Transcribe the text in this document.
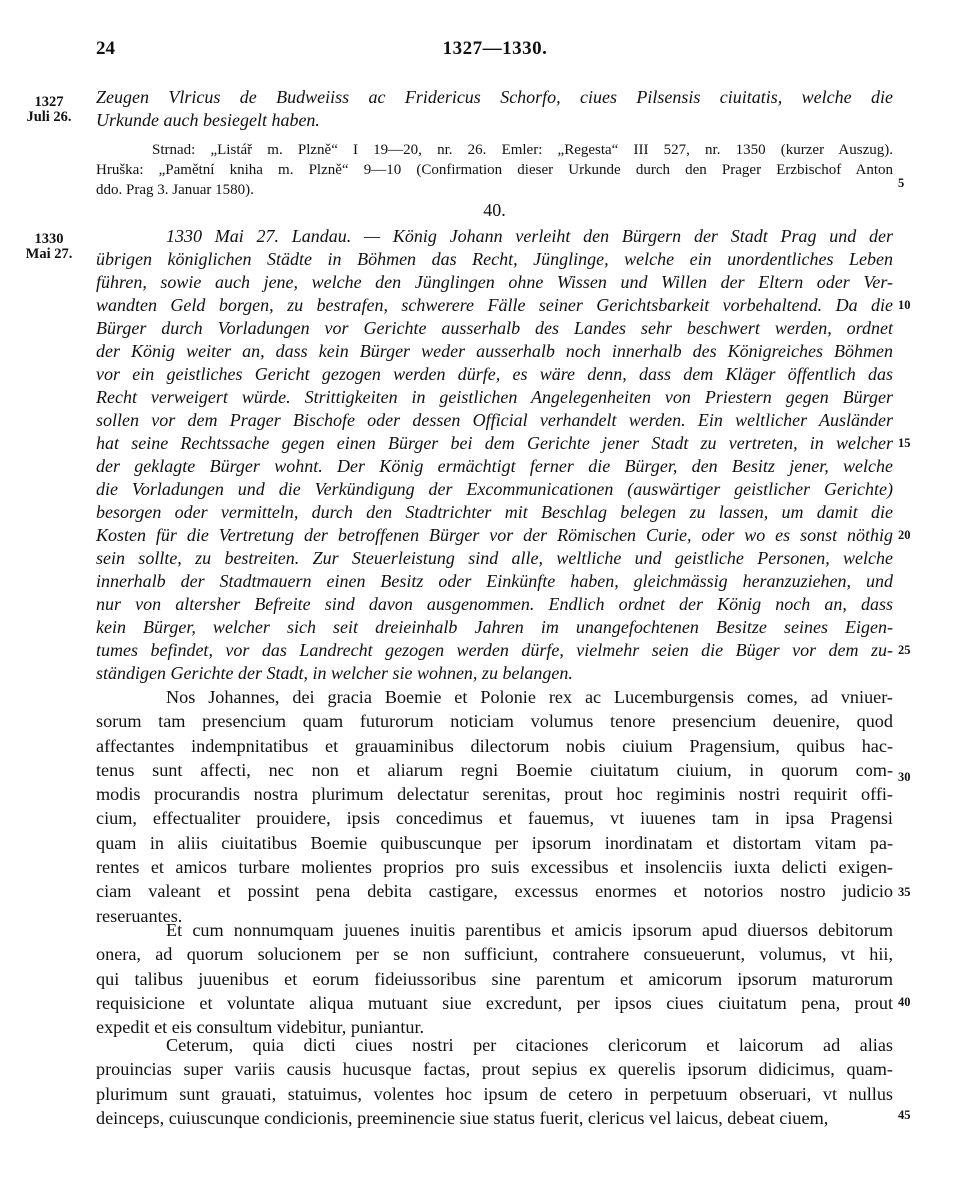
24	1327—1330.
1327
Juli 26.
1330
Mai 27.
Zeugen Vlricus de Budweiiss ac Fridericus Schorfo, ciues Pilsensis ciuitatis, welche die
Urkunde auch besiegelt haben.
Strnad: „Listář m. Plzně“ I 19—20, nr. 26. Emler: „Regesta“ III 527, nr. 1350 (kurzer Auszug).
Hruška: „Pamětní kniha m. Plzně“ 9—10 (Confirmation dieser Urkunde durch den Prager Erzbischof Anton
ddo. Prag 3. Januar 1580).
40.
1330 Mai 27. Landau. — König Johann verleiht den Bürgern der Stadt Prag und der
übrigen königlichen Städte in Böhmen das Recht, Jünglinge, welche ein unordentliches Leben
führen, sowie auch jene, welche den Jünglingen ohne Wissen und Willen der Eltern oder Ver-
wandten Geld borgen, zu bestrafen, schwerere Fälle seiner Gerichtsbarkeit vorbehaltend. Da die
Bürger durch Vorladungen vor Gerichte ausserhalb des Landes sehr beschwert werden, ordnet
der König weiter an, dass kein Bürger weder ausserhalb noch innerhalb des Königreiches Böhmen
vor ein geistliches Gericht gezogen werden dürfe, es wäre denn, dass dem Kläger öffentlich das
Recht verweigert würde. Strittigkeiten in geistlichen Angelegenheiten von Priestern gegen Bürger
sollen vor dem Prager Bischofe oder dessen Official verhandelt werden. Ein weltlicher Ausländer
hat seine Rechtssache gegen einen Bürger bei dem Gerichte jener Stadt zu vertreten, in welcher
der geklagte Bürger wohnt. Der König ermächtigt ferner die Bürger, den Besitz jener, welche
die Vorladungen und die Verkündigung der Excommunicationen (auswärtiger geistlicher Gerichte)
besorgen oder vermitteln, durch den Stadtrichter mit Beschlag belegen zu lassen, um damit die
Kosten für die Vertretung der betroffenen Bürger vor der Römischen Curie, oder wo es sonst nöthig
sein sollte, zu bestreiten. Zur Steuerleistung sind alle, weltliche und geistliche Personen, welche
innerhalb der Stadtmauern einen Besitz oder Einkünfte haben, gleichmässig heranzuziehen, und
nur von altersher Befreite sind davon ausgenommen. Endlich ordnet der König noch an, dass
kein Bürger, welcher sich seit dreieinhalb Jahren im unangefochtenen Besitze seines Eigen-
tumes befindet, vor das Landrecht gezogen werden dürfe, vielmehr seien die Büger vor dem zu-
ständigen Gerichte der Stadt, in welcher sie wohnen, zu belangen.
Nos Johannes, dei gracia Boemie et Polonie rex ac Lucemburgensis comes, ad vniuer-
sorum tam presencium quam futurorum noticiam volumus tenore presencium deuenire, quod
affectantes indempnitatibus et grauaminibus dilectorum nobis ciuium Pragensium, quibus hac-
tenus sunt affecti, nec non et aliarum regni Boemie ciuitatum ciuium, in quorum com-
modis procurandis nostra plurimum delectatur serenitas, prout hoc regiminis nostri requirit offi-
cium, effectualiter prouidere, ipsis concedimus et fauemus, vt iuuenes tam in ipsa Pragensi
quam in aliis ciuitatibus Boemie quibuscunque per ipsorum inordinatam et distortam vitam pa-
rentes et amicos turbare molientes proprios pro suis excessibus et insolenciis iuxta delicti exigen-
ciam valeant et possint pena debita castigare, excessus enormes et notorios nostro judicio
reseruantes.
Et cum nonnumquam juuenes inuitis parentibus et amicis ipsorum apud diuersos debitorum
onera, ad quorum solucionem per se non sufficiunt, contrahere consueuerunt, volumus, vt hii,
qui talibus juuenibus et eorum fideiussoribus sine parentum et amicorum ipsorum maturorum
requisicione et voluntate aliqua mutuant siue excredunt, per ipsos ciues ciuitatum pena, prout
expedit et eis consultum videbitur, puniantur.
Ceterum, quia dicti ciues nostri per citaciones clericorum et laicorum ad alias
prouincias super variis causis hucusque factas, prout sepius ex querelis ipsorum didicimus, quam-
plurimum sunt grauati, statuimus, volentes hoc ipsum de cetero in perpetuum obseruari, vt nullus
deinceps, cuiuscunque condicionis, preeminencie siue status fuerit, clericus vel laicus, debeat ciuem,
5
10
15
20
25
30
35
40
45
